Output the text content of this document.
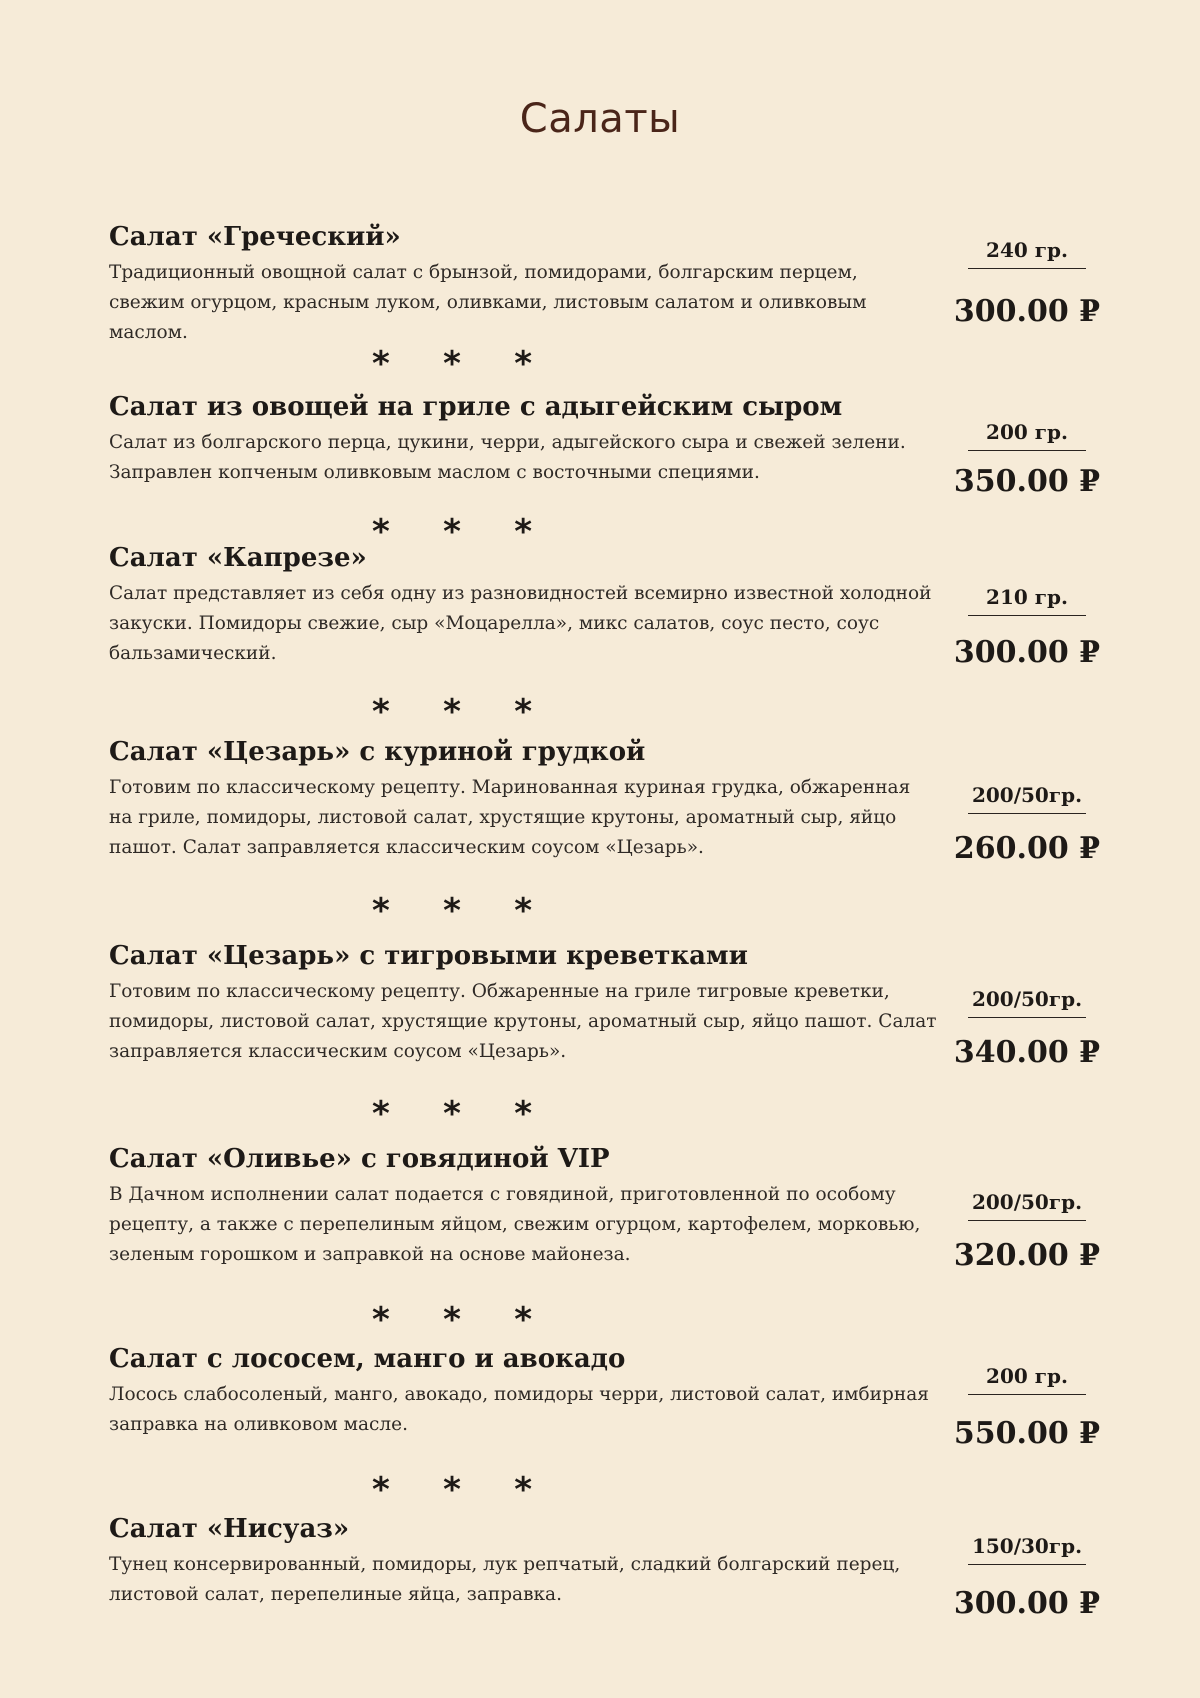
Салаты
Салат «Греческий»
Традиционный овощной салат с брынзой, помидорами, болгарским перцем, свежим огурцом, красным луком, оливками, листовым салатом и оливковым маслом.
240 гр.
300.00 ₽
* * *
Салат из овощей на гриле с адыгейским сыром
Салат из болгарского перца, цукини, черри, адыгейского сыра и свежей зелени. Заправлен копченым оливковым маслом с восточными специями.
200 гр.
350.00 ₽
* * *
Салат «Капрезе»
Салат представляет из себя одну из разновидностей всемирно известной холодной закуски. Помидоры свежие, сыр «Моцарелла», микс салатов, соус песто, соус бальзамический.
210 гр.
300.00 ₽
* * *
Салат «Цезарь» с куриной грудкой
Готовим по классическому рецепту. Маринованная куриная грудка, обжаренная на гриле, помидоры, листовой салат, хрустящие крутоны, ароматный сыр, яйцо пашот. Салат заправляется классическим соусом «Цезарь».
200/50гр.
260.00 ₽
* * *
Салат «Цезарь» с тигровыми креветками
Готовим по классическому рецепту. Обжаренные на гриле тигровые креветки, помидоры, листовой салат, хрустящие крутоны, ароматный сыр, яйцо пашот. Салат заправляется классическим соусом «Цезарь».
200/50гр.
340.00 ₽
* * *
Салат «Оливье» с говядиной VIP
В Дачном исполнении салат подается с говядиной, приготовленной по особому рецепту, а также с перепелиным яйцом, свежим огурцом, картофелем, морковью, зеленым горошком и заправкой на основе майонеза.
200/50гр.
320.00 ₽
* * *
Салат с лососем, манго и авокадо
Лосось слабосоленый, манго, авокадо, помидоры черри, листовой салат, имбирная заправка на оливковом масле.
200 гр.
550.00 ₽
* * *
Салат «Нисуаз»
Тунец консервированный, помидоры, лук репчатый, сладкий болгарский перец, листовой салат, перепелиные яйца, заправка.
150/30гр.
300.00 ₽
